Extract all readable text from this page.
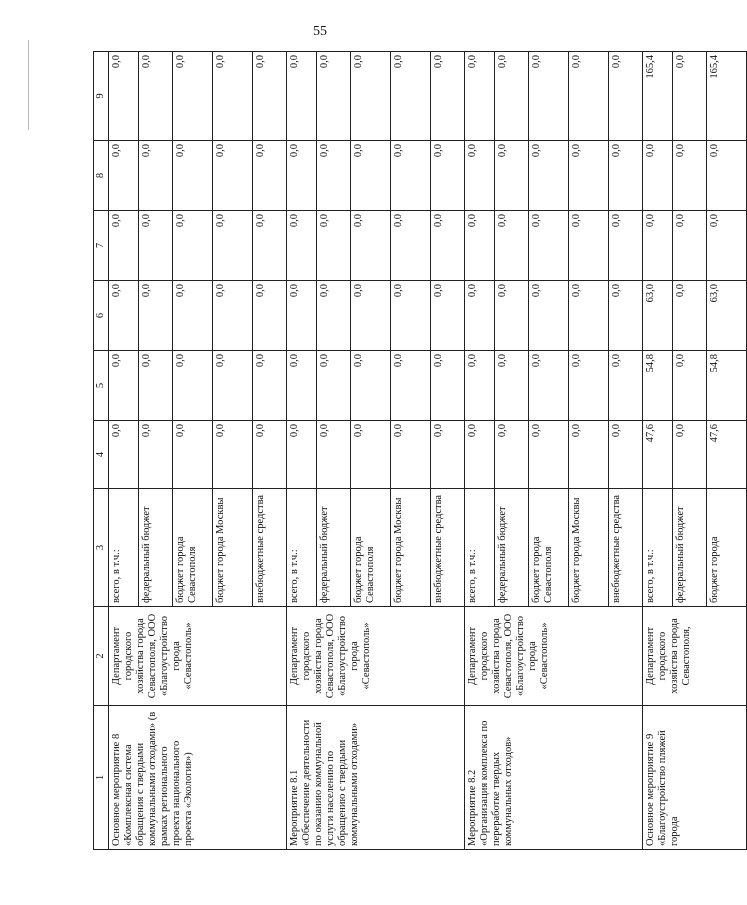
55
1	2	3	4	5	6	7	8	9
Основное мероприятие 8 «Комплексная система обращения с твердыми коммунальными отходами» (в рамках регионального проекта национального проекта «Экология»)	Департамент городского хозяйства города Севастополя, ООО «Благоустройство города «Севастополь»	всего, в т.ч.:	0,0	0,0	0,0	0,0	0,0	0,0
		федеральный бюджет	0,0	0,0	0,0	0,0	0,0	0,0
		бюджет города Севастополя	0,0	0,0	0,0	0,0	0,0	0,0
		бюджет города Москвы	0,0	0,0	0,0	0,0	0,0	0,0
		внебюджетные средства	0,0	0,0	0,0	0,0	0,0	0,0
Мероприятие 8.1 «Обеспечение деятельности по оказанию коммунальной услуги населению по обращению с твердыми коммунальными отходами»	Департамент городского хозяйства города Севастополя, ООО «Благоустройство города «Севастополь»	всего, в т.ч.:	0,0	0,0	0,0	0,0	0,0	0,0
		федеральный бюджет	0,0	0,0	0,0	0,0	0,0	0,0
		бюджет города Севастополя	0,0	0,0	0,0	0,0	0,0	0,0
		бюджет города Москвы	0,0	0,0	0,0	0,0	0,0	0,0
		внебюджетные средства	0,0	0,0	0,0	0,0	0,0	0,0
Мероприятие 8.2 «Организация комплекса по переработке твердых коммунальных отходов»	Департамент городского хозяйства города Севастополя, ООО «Благоустройство города «Севастополь»	всего, в т.ч.:	0,0	0,0	0,0	0,0	0,0	0,0
		федеральный бюджет	0,0	0,0	0,0	0,0	0,0	0,0
		бюджет города Севастополя	0,0	0,0	0,0	0,0	0,0	0,0
		бюджет города Москвы	0,0	0,0	0,0	0,0	0,0	0,0
		внебюджетные средства	0,0	0,0	0,0	0,0	0,0	0,0
Основное мероприятие 9 «Благоустройство пляжей города	Департамент городского хозяйства города Севастополя,	всего, в т.ч.:	47,6	54,8	63,0	0,0	0,0	165,4
		федеральный бюджет	0,0	0,0	0,0	0,0	0,0	0,0
		бюджет города	47,6	54,8	63,0	0,0	0,0	165,4
